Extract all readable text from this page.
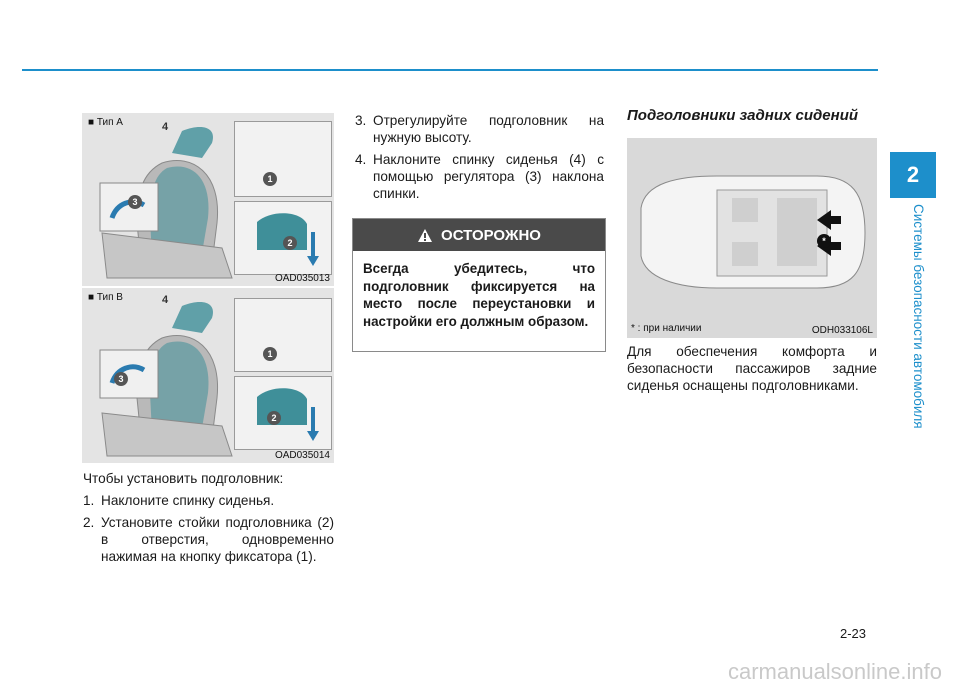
2
Системы безопасности автомобиля
■ Тип A
3
4
1
2
OAD035013
■ Тип B
3
4
1
2
OAD035014

Чтобы установить подголовник:

1. Наклоните спинку сиденья.
2. Установите стойки подголовника (2) в отверстия, одновременно нажимая на кнопку фиксатора (1).
3. Отрегулируйте подголовник на нужную высоту.
4. Наклоните спинку сиденья (4) с помощью регулятора (3) наклона спинки.
ОСТОРОЖНО
Всегда убедитесь, что подголовник фиксируется на место после переустановки и настройки его должным образом.
Подголовники задних сидений
*
* : при наличии	ODH033106L
Для обеспечения комфорта и безопасности пассажиров задние сиденья оснащены подголовниками.
2-23
carmanualsonline.info
